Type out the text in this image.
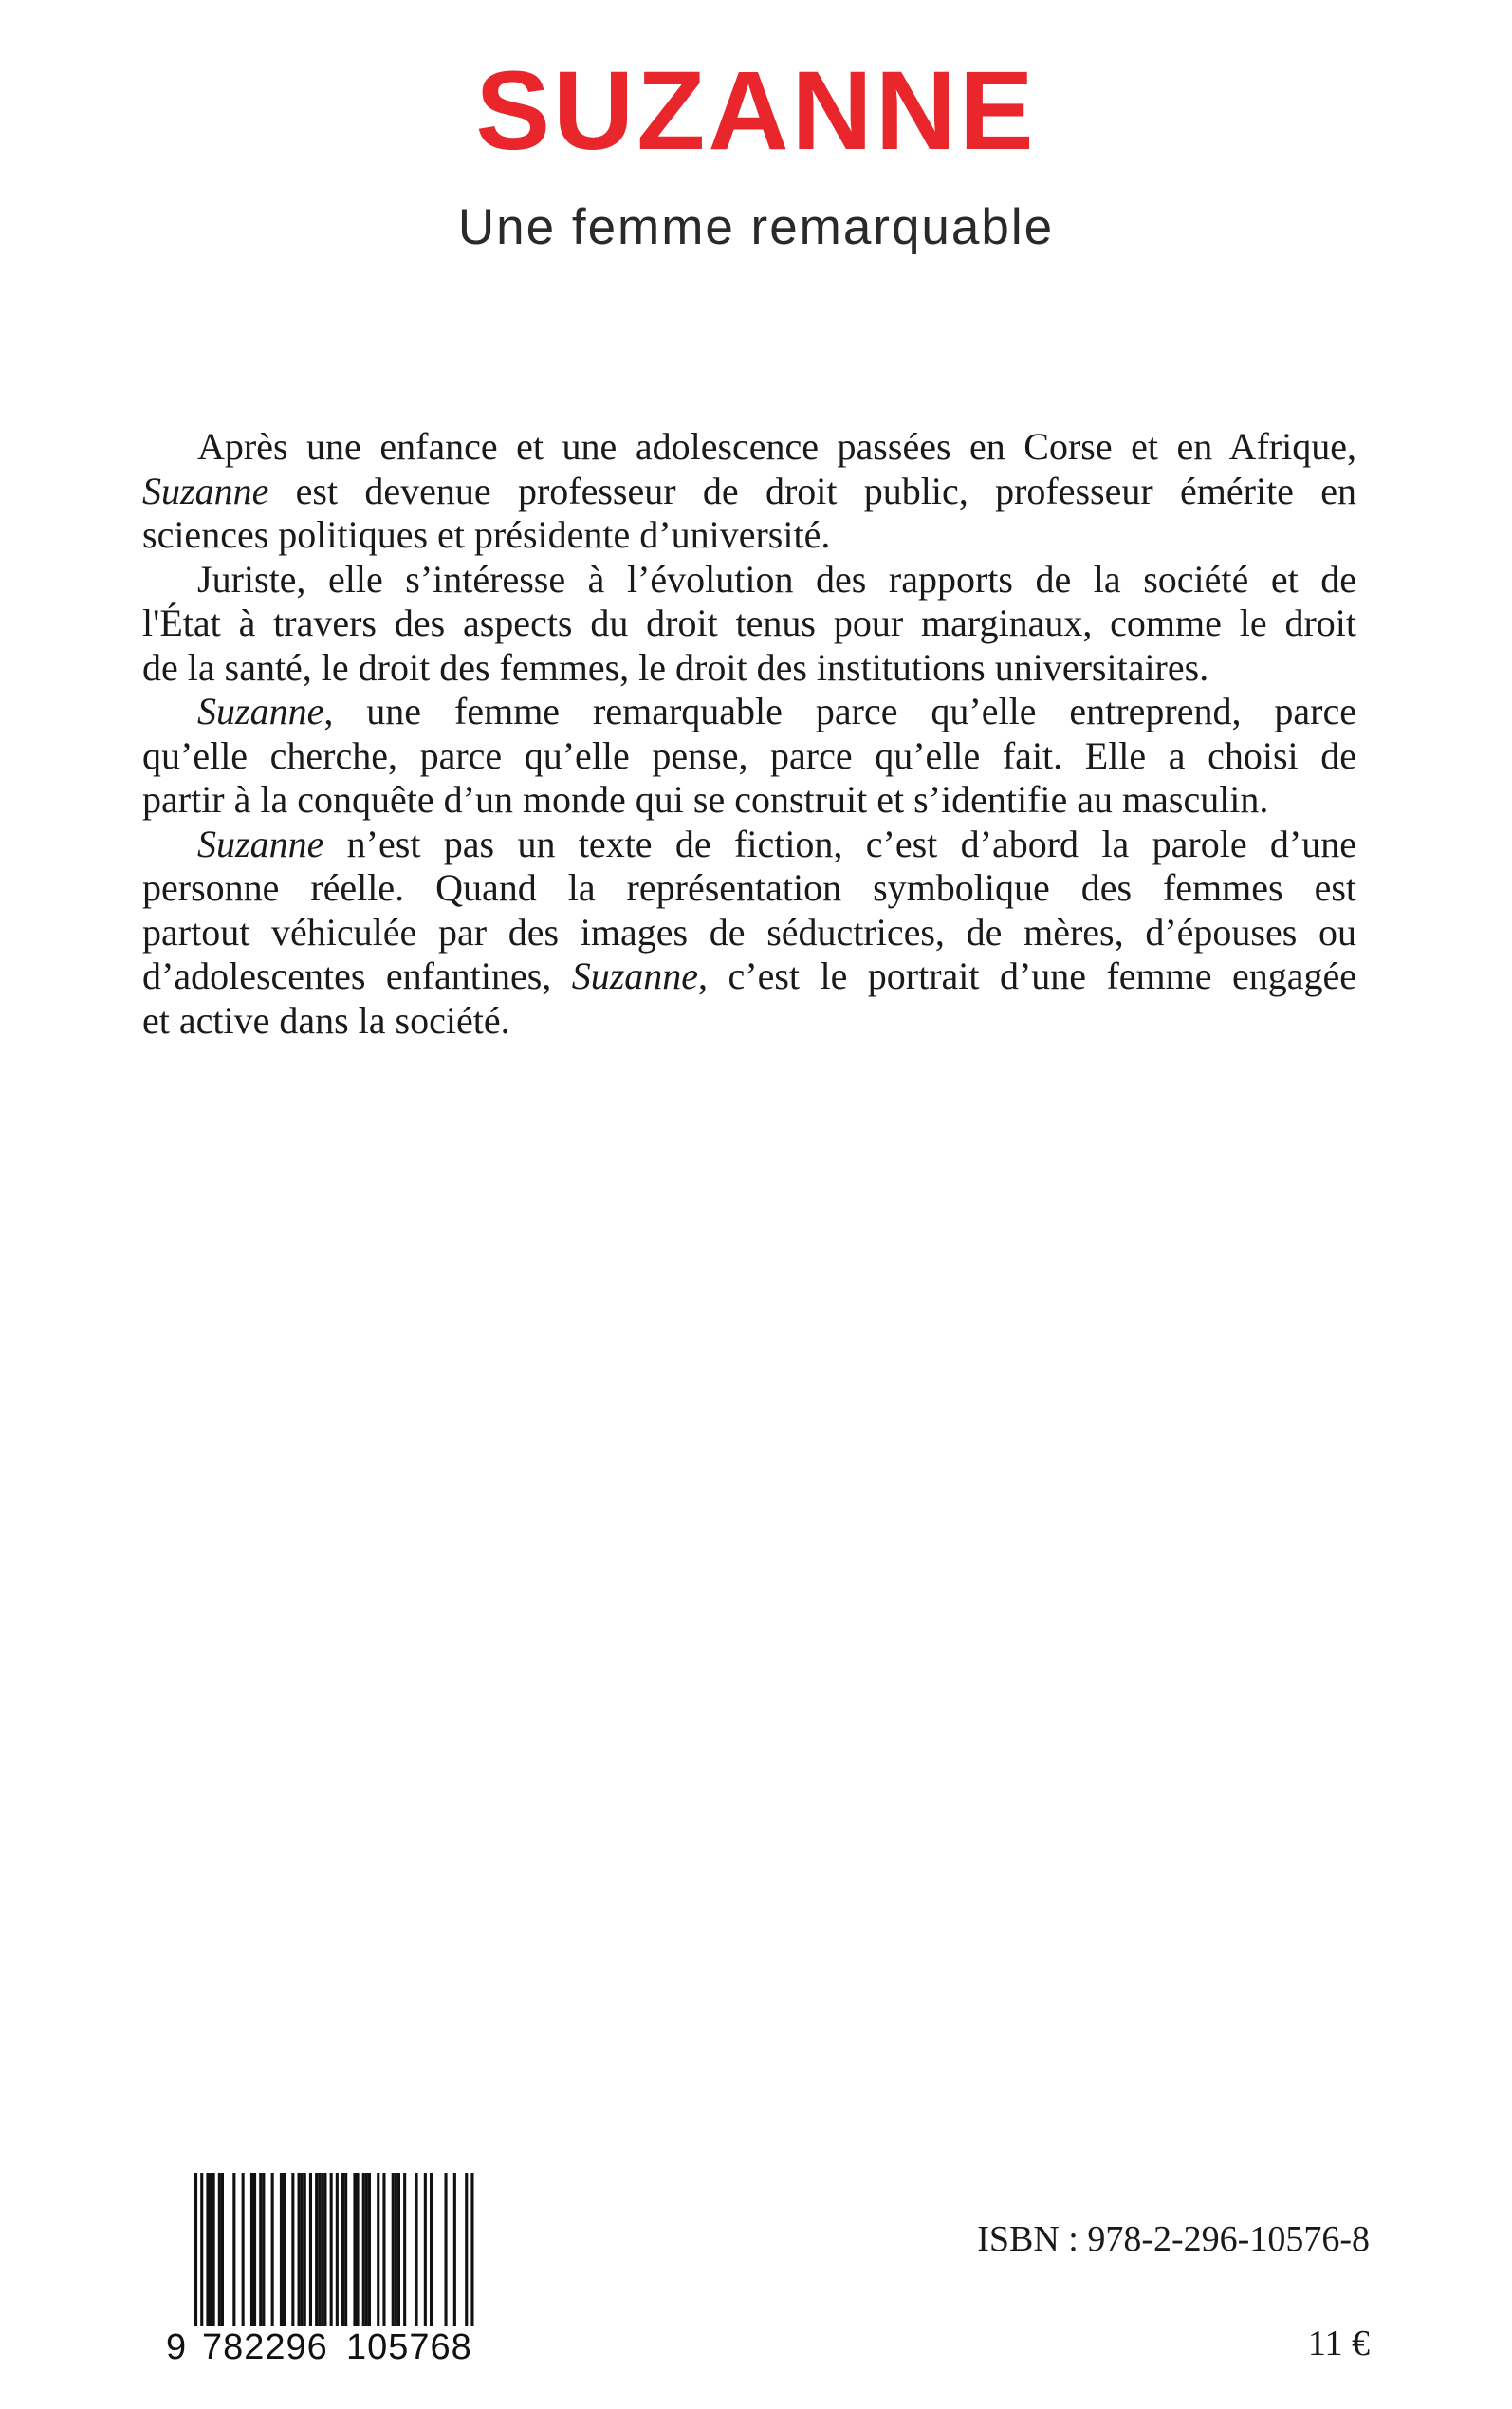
SUZANNE
Une femme remarquable

Après une enfance et une adolescence passées en Corse et en Afrique,
Suzanne est devenue professeur de droit public, professeur émérite en
sciences politiques et présidente d’université.

Juriste, elle s’intéresse à l’évolution des rapports de la société et de
l'État à travers des aspects du droit tenus pour marginaux, comme le droit
de la santé, le droit des femmes, le droit des institutions universitaires.

Suzanne, une femme remarquable parce qu’elle entreprend, parce
qu’elle cherche, parce qu’elle pense, parce qu’elle fait. Elle a choisi de
partir à la conquête d’un monde qui se construit et s’identifie au masculin.

Suzanne n’est pas un texte de fiction, c’est d’abord la parole d’une
personne réelle. Quand la représentation symbolique des femmes est
partout véhiculée par des images de séductrices, de mères, d’épouses ou
d’adolescentes enfantines, Suzanne, c’est le portrait d’une femme engagée
et active dans la société.

9 782296 105768
ISBN : 978-2-296-10576-8
11 €
